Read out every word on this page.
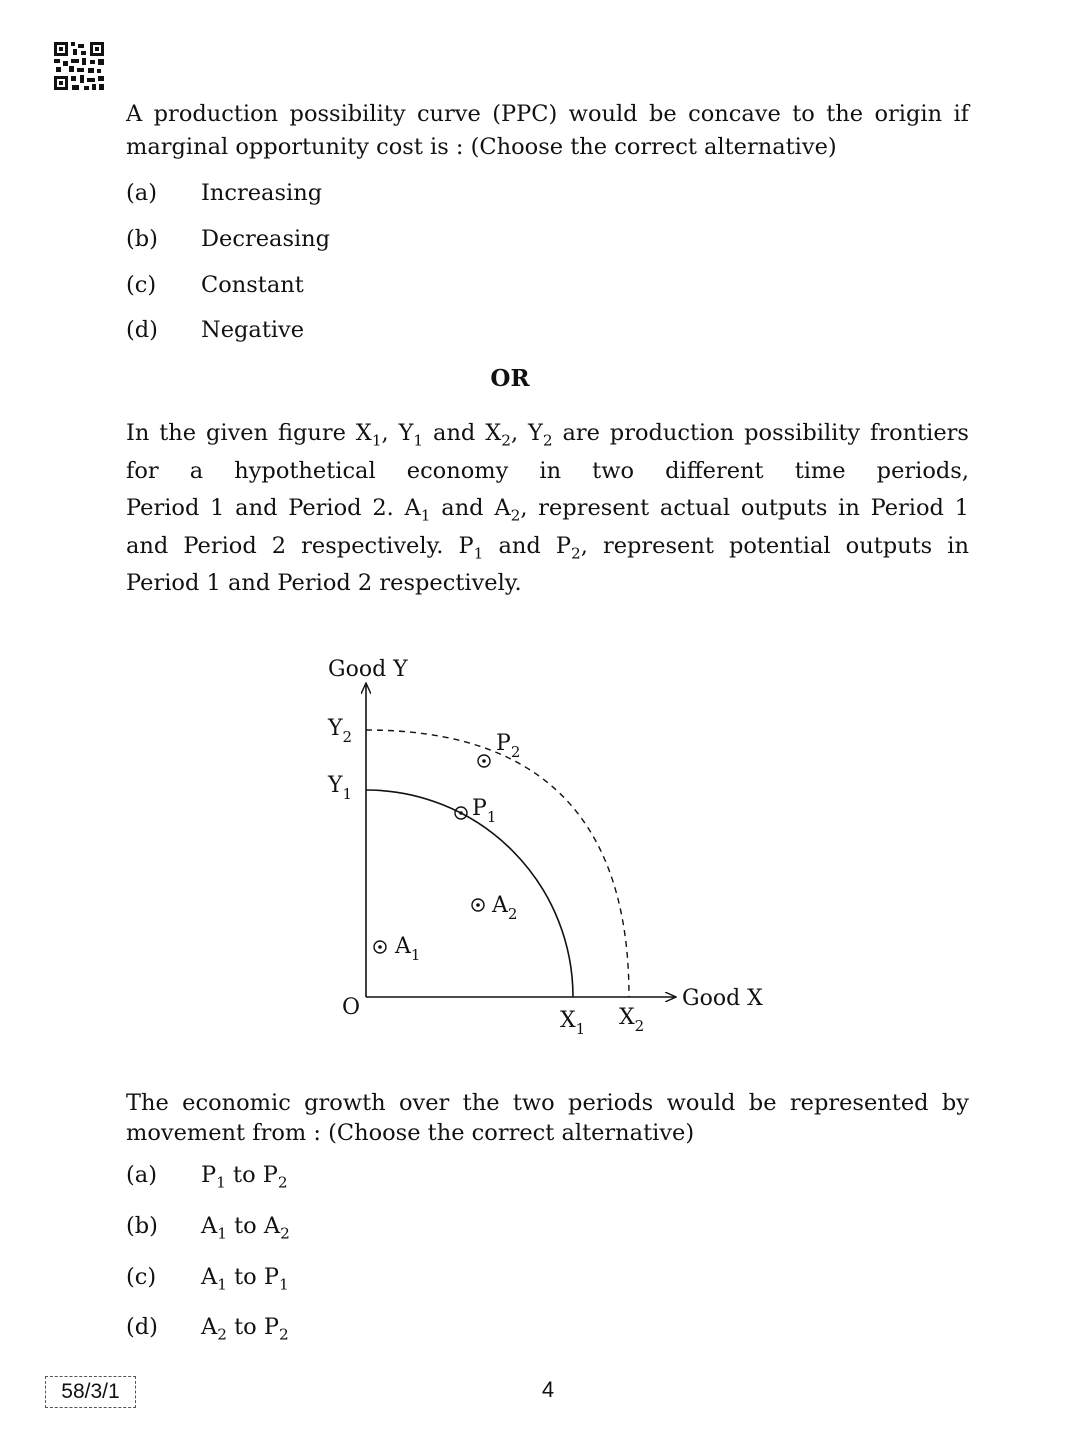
A production possibility curve (PPC) would be concave to the origin if
marginal opportunity cost is : (Choose the correct alternative)
(a) Increasing
(b) Decreasing
(c) Constant
(d) Negative
OR
In the given figure $X_1$, $Y_1$ and $X_2$, $Y_2$ are production possibility frontiers
for a hypothetical economy in two different time periods,
Period 1 and Period 2. $A_1$ and $A_2$, represent actual outputs in Period 1
and Period 2 respectively. $P_1$ and $P_2$, represent potential outputs in
Period 1 and Period 2 respectively.
Good Y
Good X
O
$Y_2$
$Y_1$
$X_1$ $X_2$
$P_2$
$P_1$
$A_2$
$A_1$
The economic growth over the two periods would be represented by
movement from : (Choose the correct alternative)
(a) $P_1$ to $P_2$
(b) $A_1$ to $A_2$
(c) $A_1$ to $P_1$
(d) $A_2$ to $P_2$
58/3/1	4
